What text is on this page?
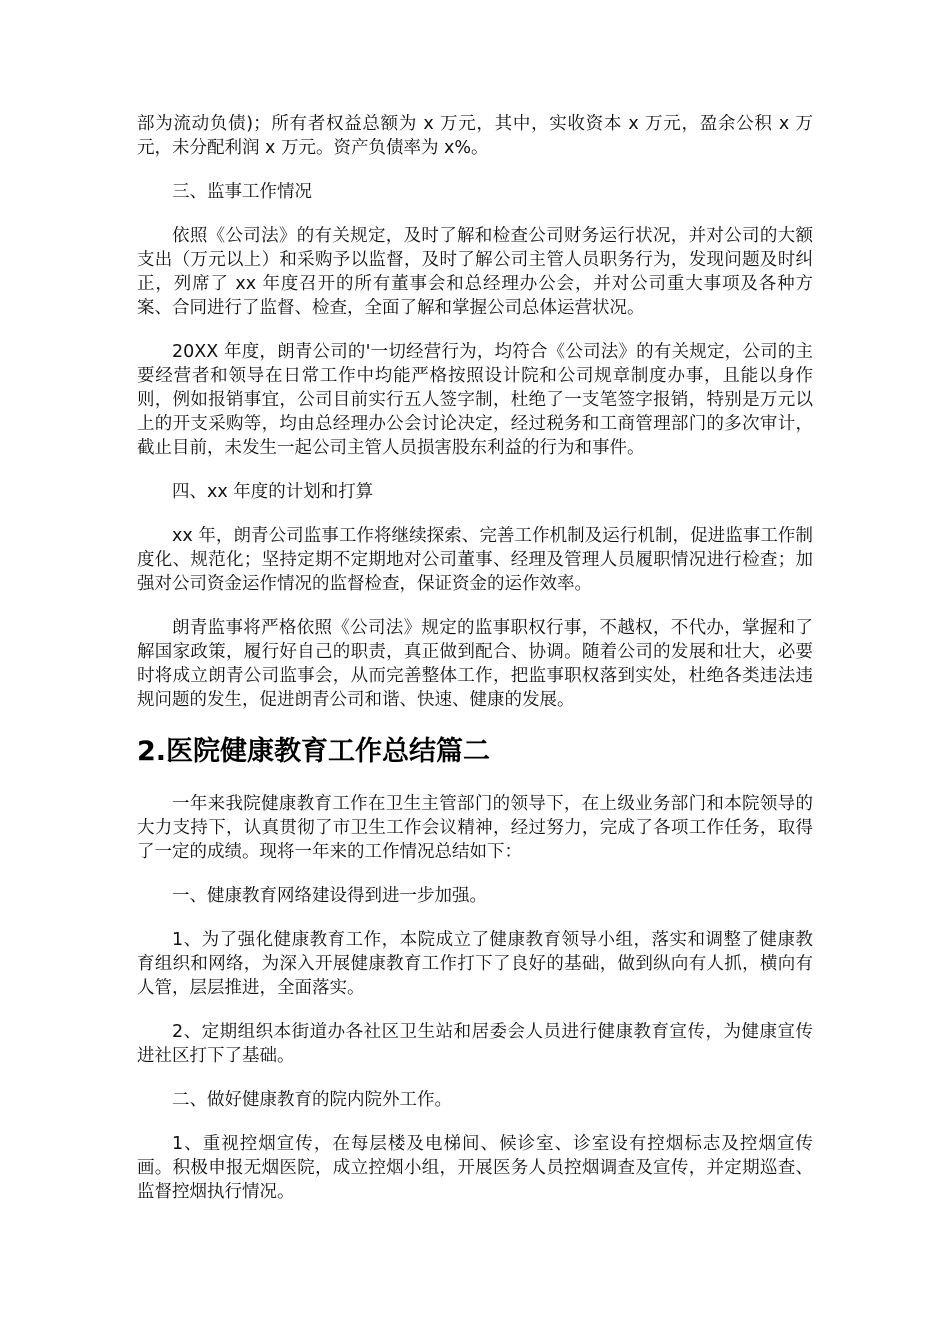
部为流动负债)；所有者权益总额为 x 万元，其中，实收资本 x 万元，盈余公积 x 万元，未分配利润 x 万元。资产负债率为 x%。

三、监事工作情况

依照《公司法》的有关规定，及时了解和检查公司财务运行状况，并对公司的大额支出（万元以上）和采购予以监督，及时了解公司主管人员职务行为，发现问题及时纠正，列席了 xx 年度召开的所有董事会和总经理办公会，并对公司重大事项及各种方案、合同进行了监督、检查，全面了解和掌握公司总体运营状况。

20XX 年度，朗青公司的'一切经营行为，均符合《公司法》的有关规定，公司的主要经营者和领导在日常工作中均能严格按照设计院和公司规章制度办事，且能以身作则，例如报销事宜，公司目前实行五人签字制，杜绝了一支笔签字报销，特别是万元以上的开支采购等，均由总经理办公会讨论决定，经过税务和工商管理部门的多次审计，截止目前，未发生一起公司主管人员损害股东利益的行为和事件。

四、xx 年度的计划和打算

xx 年，朗青公司监事工作将继续探索、完善工作机制及运行机制，促进监事工作制度化、规范化；坚持定期不定期地对公司董事、经理及管理人员履职情况进行检查；加强对公司资金运作情况的监督检查，保证资金的运作效率。

朗青监事将严格依照《公司法》规定的监事职权行事，不越权，不代办，掌握和了解国家政策，履行好自己的职责，真正做到配合、协调。随着公司的发展和壮大，必要时将成立朗青公司监事会，从而完善整体工作，把监事职权落到实处，杜绝各类违法违规问题的发生，促进朗青公司和谐、快速、健康的发展。

2.医院健康教育工作总结篇二

一年来我院健康教育工作在卫生主管部门的领导下，在上级业务部门和本院领导的大力支持下，认真贯彻了市卫生工作会议精神，经过努力，完成了各项工作任务，取得了一定的成绩。现将一年来的工作情况总结如下：

一、健康教育网络建设得到进一步加强。

1、为了强化健康教育工作，本院成立了健康教育领导小组，落实和调整了健康教育组织和网络，为深入开展健康教育工作打下了良好的基础，做到纵向有人抓，横向有人管，层层推进，全面落实。

2、定期组织本街道办各社区卫生站和居委会人员进行健康教育宣传，为健康宣传进社区打下了基础。

二、做好健康教育的院内院外工作。

1、重视控烟宣传，在每层楼及电梯间、候诊室、诊室设有控烟标志及控烟宣传画。积极申报无烟医院，成立控烟小组，开展医务人员控烟调查及宣传，并定期巡查、监督控烟执行情况。
